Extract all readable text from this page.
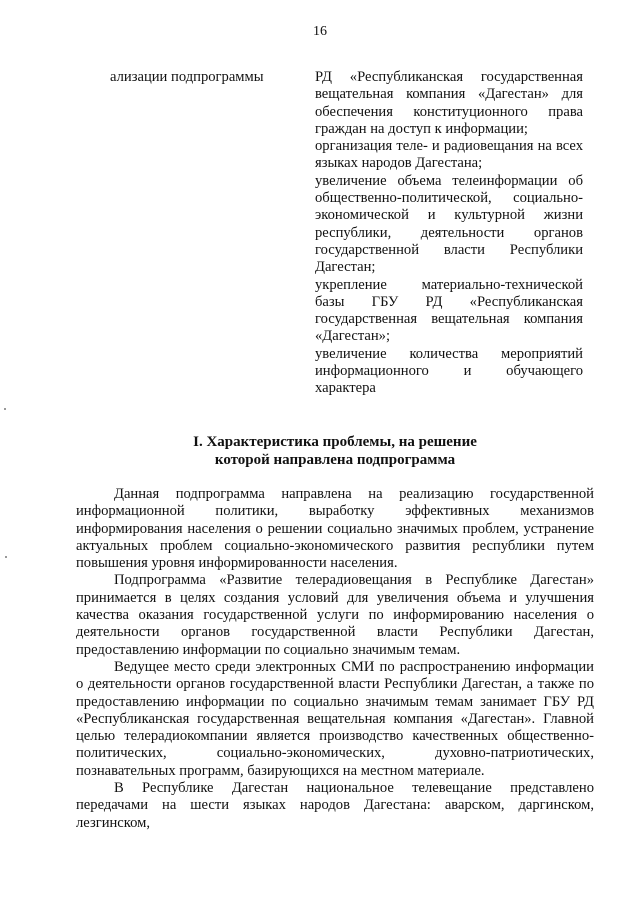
16
ализации подпрограммы	РД «Республиканская государственная вещательная компания «Дагестан» для обеспечения конституционного права граждан на доступ к информации;

организация теле- и радиовещания на всех языках народов Дагестана;

увеличение объема телеинформации об общественно-политической, социально-экономической и культурной жизни республики, деятельности органов государственной власти Республики Дагестан;

укрепление материально-технической базы ГБУ РД «Республиканская государственная вещательная компания «Дагестан»;

увеличение количества мероприятий информационного и обучающего характера

I. Характеристика проблемы, на решение
которой направлена подпрограмма

Данная подпрограмма направлена на реализацию государственной информационной политики, выработку эффективных механизмов информирования населения о решении социально значимых проблем, устранение актуальных проблем социально-экономического развития республики путем повышения уровня информированности населения.

Подпрограмма «Развитие телерадиовещания в Республике Дагестан» принимается в целях создания условий для увеличения объема и улучшения качества оказания государственной услуги по информированию населения о деятельности органов государственной власти Республики Дагестан, предоставлению информации по социально значимым темам.

Ведущее место среди электронных СМИ по распространению информации о деятельности органов государственной власти Республики Дагестан, а также по предоставлению информации по социально значимым темам занимает ГБУ РД «Республиканская государственная вещательная компания «Дагестан». Главной целью телерадиокомпании является производство качественных общественно-политических, социально-экономических, духовно-патриотических, познавательных программ, базирующихся на местном материале.

В Республике Дагестан национальное телевещание представлено передачами на шести языках народов Дагестана: аварском, даргинском, лезгинском,
